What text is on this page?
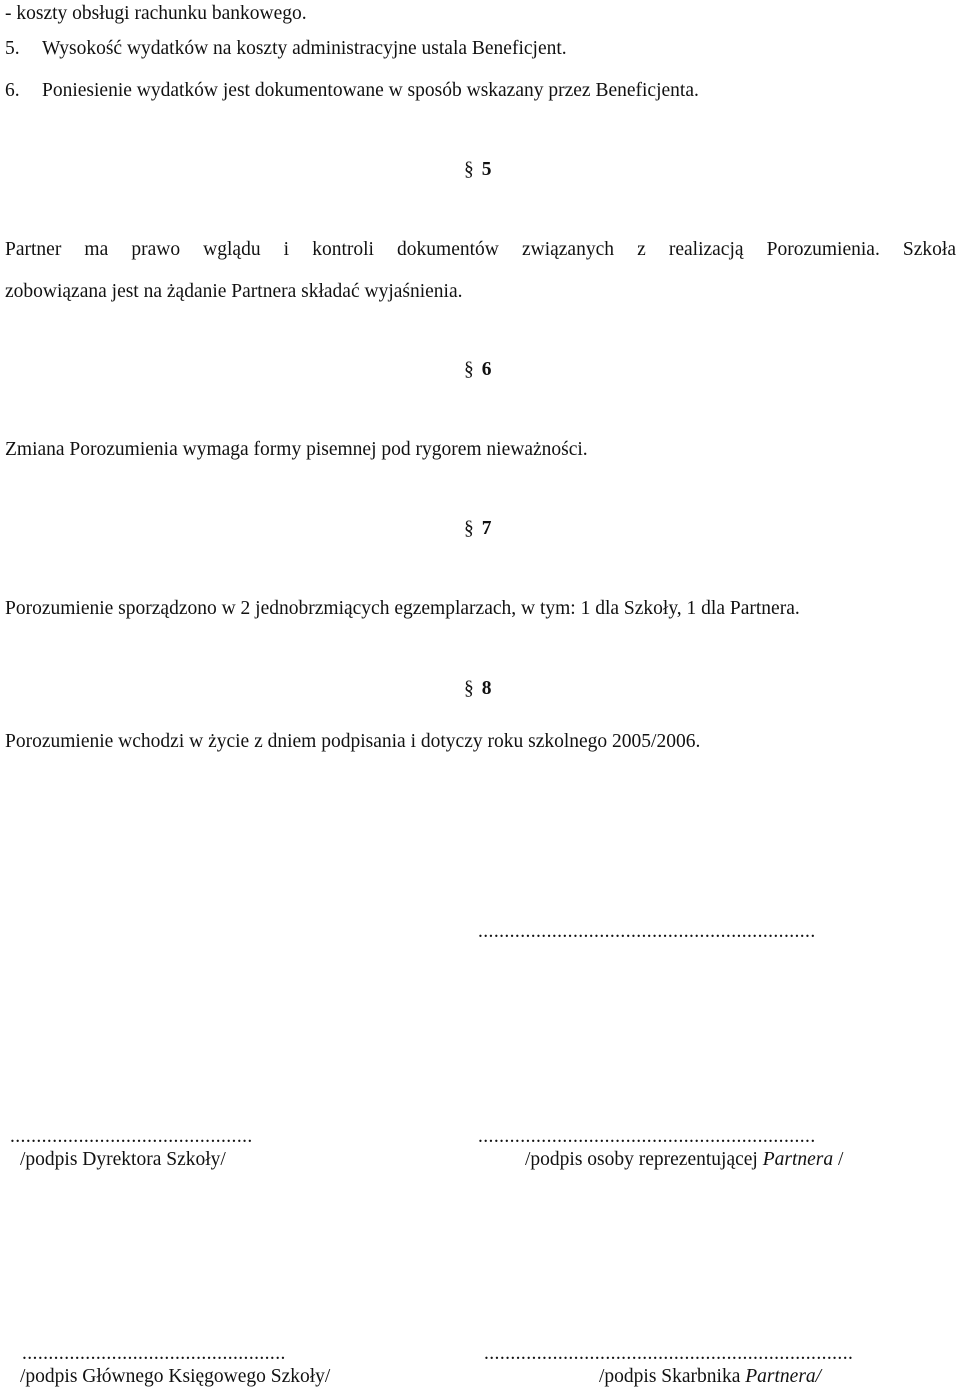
- koszty obsługi rachunku bankowego.
5. Wysokość wydatków na koszty administracyjne ustala Beneficjent.
6. Poniesienie wydatków jest dokumentowane w sposób wskazany przez Beneficjenta.
§ 5
Partner ma prawo wglądu i kontroli dokumentów związanych z realizacją Porozumienia. Szkoła
zobowiązana jest na żądanie Partnera składać wyjaśnienia.
§ 6
Zmiana Porozumienia wymaga formy pisemnej pod rygorem nieważności.
§ 7
Porozumienie sporządzono w 2 jednobrzmiących egzemplarzach, w tym: 1 dla Szkoły, 1 dla Partnera.
§ 8
Porozumienie wchodzi w życie z dniem podpisania i dotyczy roku szkolnego 2005/2006.
................................................................
..............................................	................................................................
/podpis Dyrektora Szkoły/	/podpis osoby reprezentującej Partnera /
..................................................	......................................................................
/podpis Głównego Księgowego Szkoły/	/podpis Skarbnika Partnera/
